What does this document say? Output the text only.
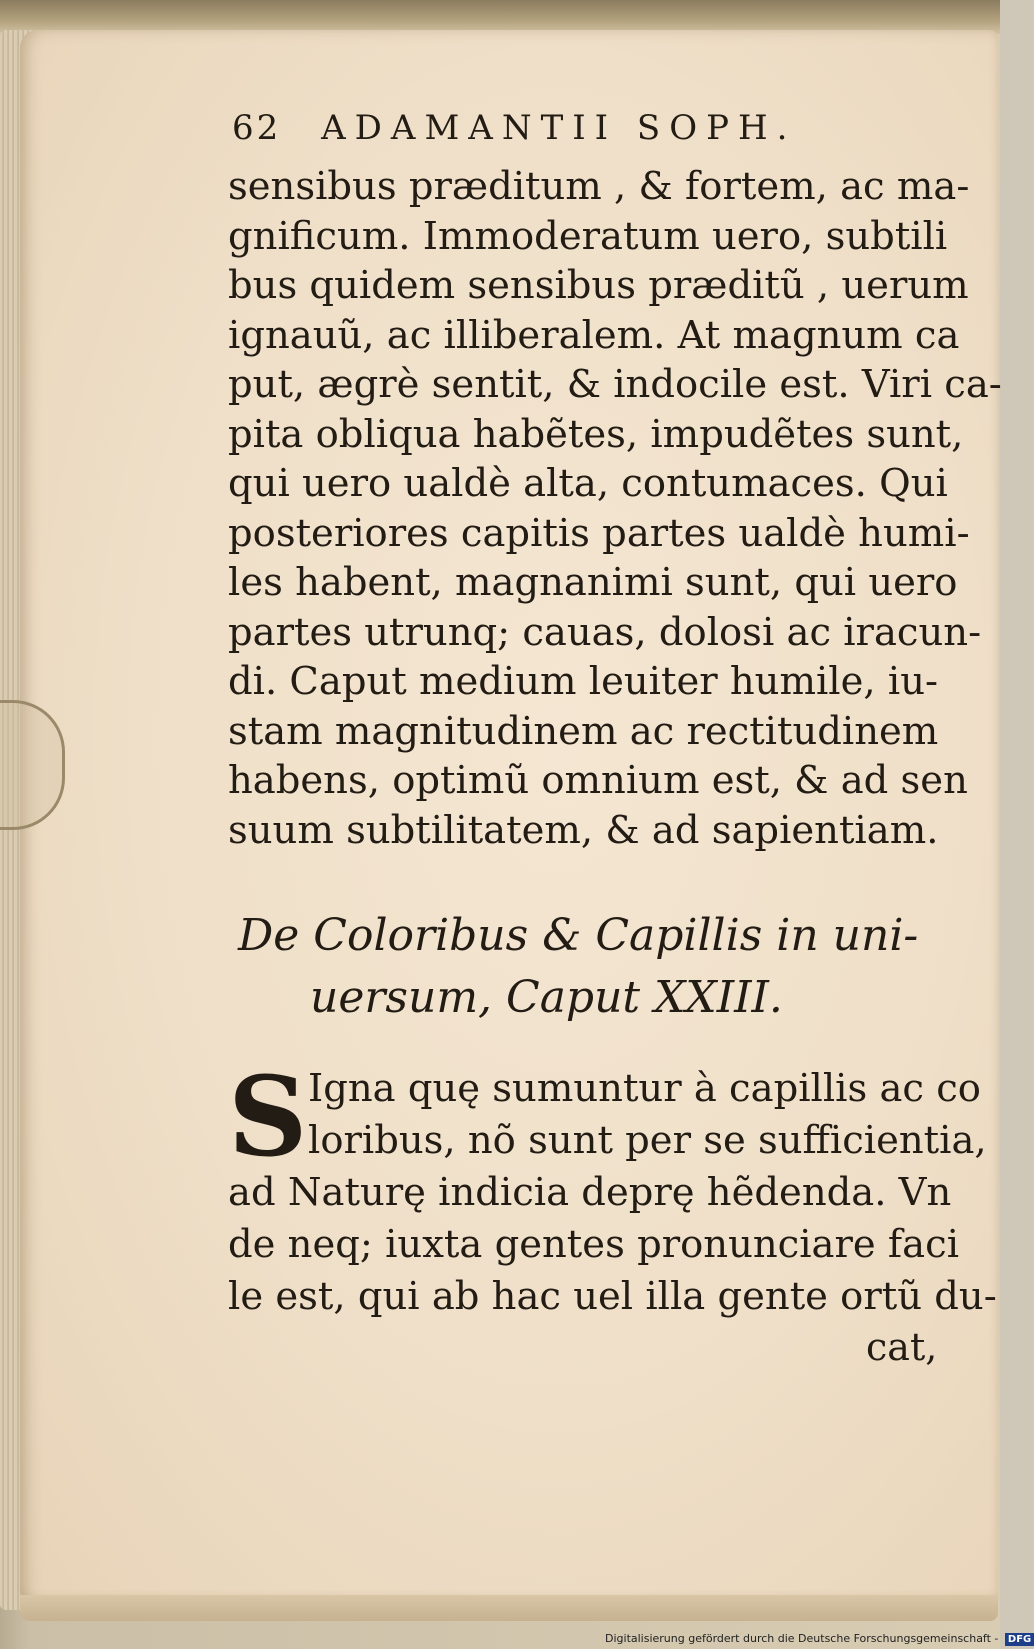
62 ADAMANTII SOPH.
sensibus præditum , & fortem, ac ma-
gnificum. Immoderatum uero, subtili
bus quidem sensibus præditũ , uerum
ignauũ, ac illiberalem. At magnum ca
put, ægrè sentit, & indocile est. Viri ca-
pita obliqua habẽtes, impudẽtes sunt,
qui uero ualdè alta, contumaces. Qui
posteriores capitis partes ualdè humi-
les habent, magnanimi sunt, qui uero
partes utrunq; cauas, dolosi ac iracun-
di. Caput medium leuiter humile, iu-
stam magnitudinem ac rectitudinem
habens, optimũ omnium est, & ad sen
suum subtilitatem, & ad sapientiam.
De Coloribus & Capillis in uni-
uersum, Caput XXIII.
S Igna quę sumuntur à capillis ac co
loribus, nõ sunt per se sufficientia,
ad Naturę indicia deprę hẽdenda. Vn
de neq; iuxta gentes pronunciare faci
le est, qui ab hac uel illa gente ortũ du-
cat,
Digitalisierung gefördert durch die Deutsche Forschungsgemeinschaft - DFG
